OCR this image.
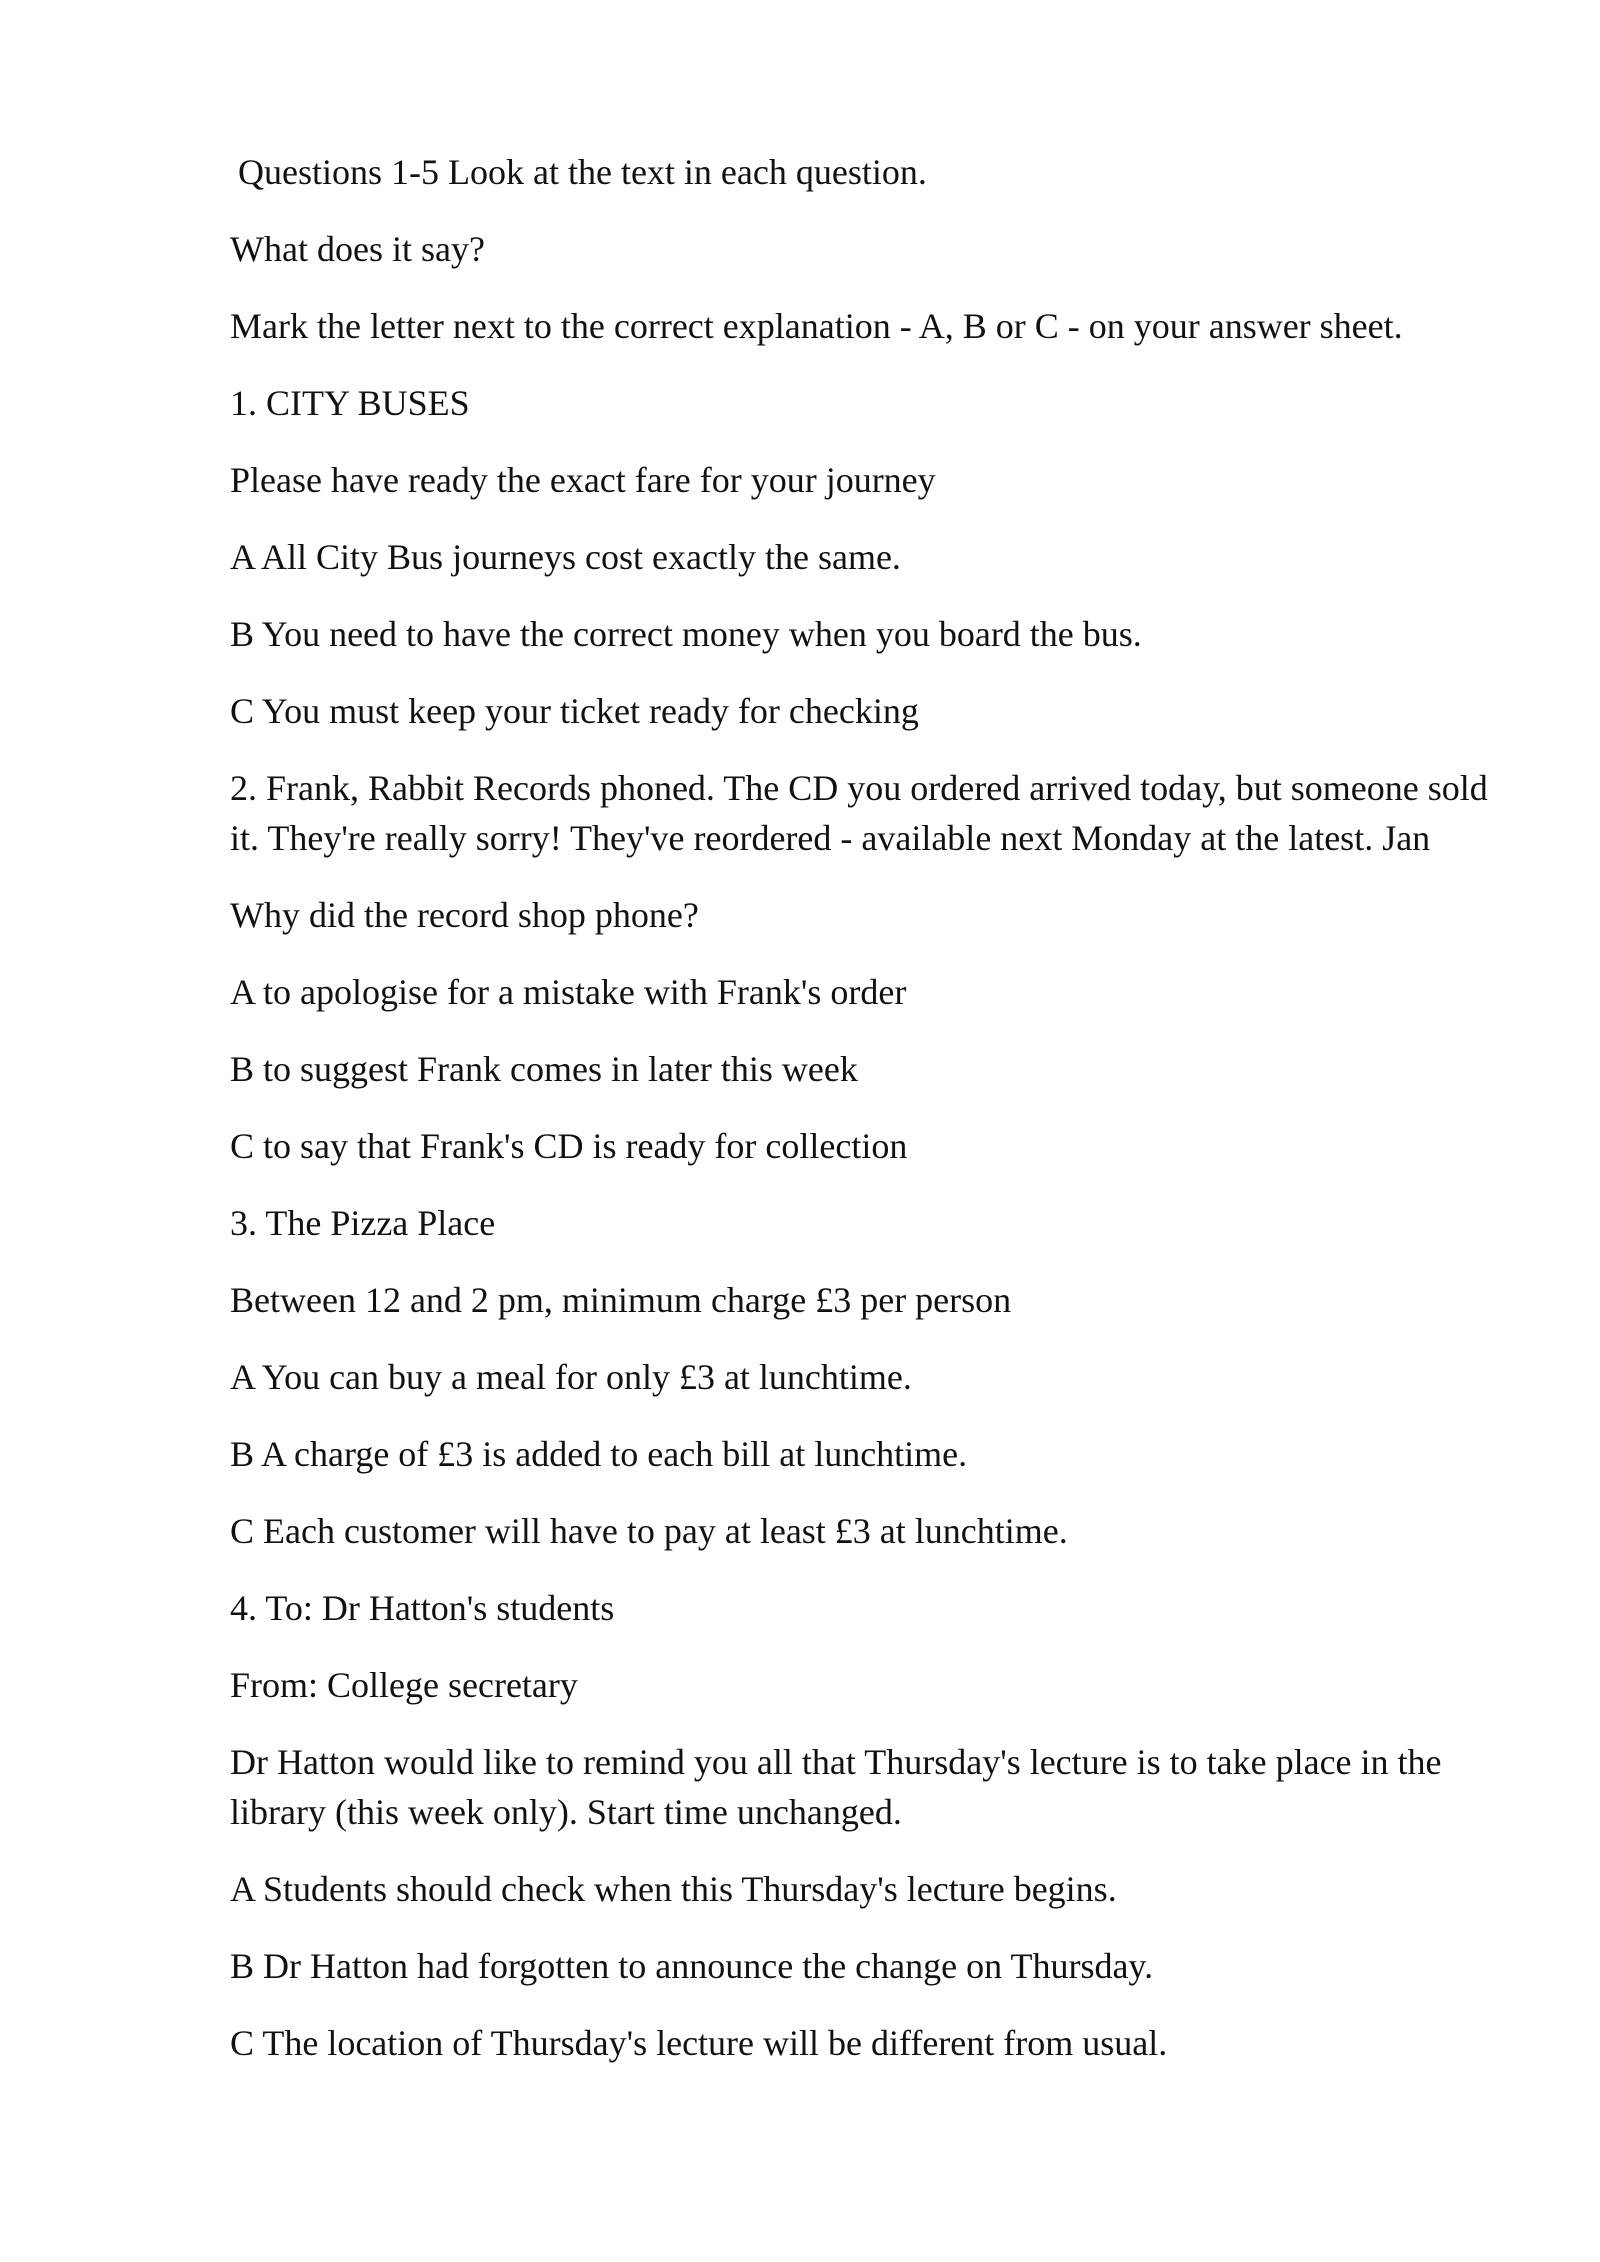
Questions 1-5 Look at the text in each question.

What does it say?

Mark the letter next to the correct explanation - A, B or C - on your answer sheet.

1. CITY BUSES

Please have ready the exact fare for your journey

A All City Bus journeys cost exactly the same.

B You need to have the correct money when you board the bus.

C You must keep your ticket ready for checking

2. Frank, Rabbit Records phoned. The CD you ordered arrived today, but someone sold it. They're really sorry! They've reordered - available next Monday at the latest. Jan

Why did the record shop phone?

A to apologise for a mistake with Frank's order

B to suggest Frank comes in later this week

C to say that Frank's CD is ready for collection

3. The Pizza Place

Between 12 and 2 pm, minimum charge £3 per person

A You can buy a meal for only £3 at lunchtime.

B A charge of £3 is added to each bill at lunchtime.

C Each customer will have to pay at least £3 at lunchtime.

4. To: Dr Hatton's students

From: College secretary

Dr Hatton would like to remind you all that Thursday's lecture is to take place in the library (this week only). Start time unchanged.

A Students should check when this Thursday's lecture begins.

B Dr Hatton had forgotten to announce the change on Thursday.

C The location of Thursday's lecture will be different from usual.
